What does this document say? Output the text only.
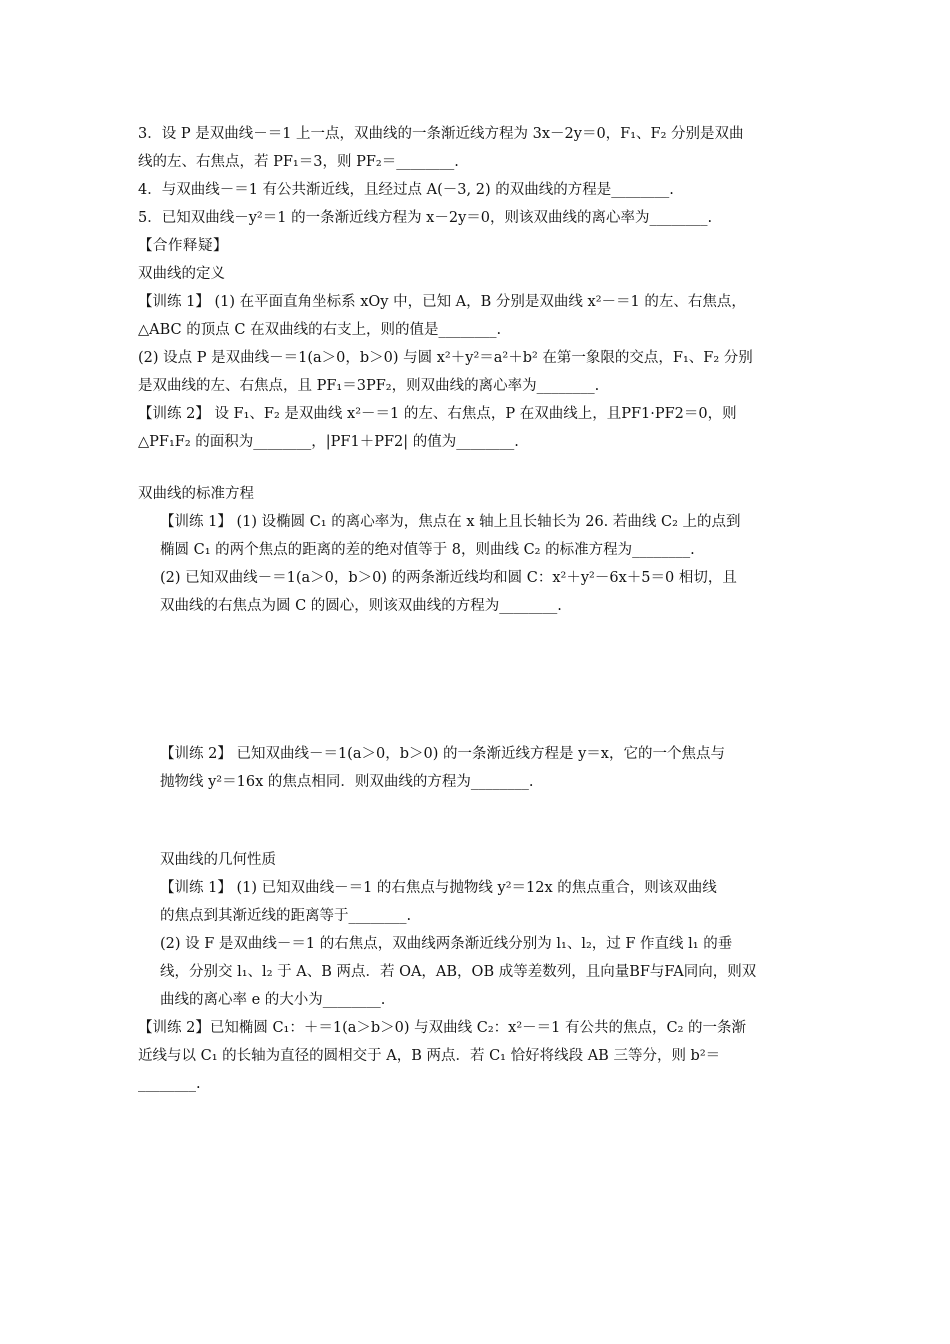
3．设 P 是双曲线－＝1 上一点，双曲线的一条渐近线方程为 3x－2y＝0，F₁、F₂ 分别是双曲
线的左、右焦点，若 PF₁＝3，则 PF₂＝________.
4．与双曲线－＝1 有公共渐近线，且经过点 A(－3, 2) 的双曲线的方程是________.
5．已知双曲线－y²＝1 的一条渐近线方程为 x－2y＝0，则该双曲线的离心率为________.
【合作释疑】
双曲线的定义
【训练 1】 (1) 在平面直角坐标系 xOy 中，已知 A，B 分别是双曲线 x²－＝1 的左、右焦点，
△ABC 的顶点 C 在双曲线的右支上，则的值是________.
(2) 设点 P 是双曲线－＝1(a＞0，b＞0) 与圆 x²＋y²＝a²＋b² 在第一象限的交点，F₁、F₂ 分别
是双曲线的左、右焦点，且 PF₁＝3PF₂，则双曲线的离心率为________.
【训练 2】 设 F₁、F₂ 是双曲线 x²－＝1 的左、右焦点，P 在双曲线上，且PF1·PF2＝0，则
△PF₁F₂ 的面积为________，|PF1＋PF2| 的值为________.
双曲线的标准方程
【训练 1】 (1) 设椭圆 C₁ 的离心率为，焦点在 x 轴上且长轴长为 26. 若曲线 C₂ 上的点到
椭圆 C₁ 的两个焦点的距离的差的绝对值等于 8，则曲线 C₂ 的标准方程为________.
(2) 已知双曲线－＝1(a＞0，b＞0) 的两条渐近线均和圆 C：x²＋y²－6x＋5＝0 相切，且
双曲线的右焦点为圆 C 的圆心，则该双曲线的方程为________.
【训练 2】 已知双曲线－＝1(a＞0，b＞0) 的一条渐近线方程是 y＝x，它的一个焦点与
抛物线 y²＝16x 的焦点相同．则双曲线的方程为________.
双曲线的几何性质
【训练 1】 (1) 已知双曲线－＝1 的右焦点与抛物线 y²＝12x 的焦点重合，则该双曲线
的焦点到其渐近线的距离等于________.
(2) 设 F 是双曲线－＝1 的右焦点，双曲线两条渐近线分别为 l₁、l₂，过 F 作直线 l₁ 的垂
线，分别交 l₁、l₂ 于 A、B 两点．若 OA，AB，OB 成等差数列，且向量BF与FA同向，则双
曲线的离心率 e 的大小为________.
【训练 2】已知椭圆 C₁：＋＝1(a＞b＞0) 与双曲线 C₂：x²－＝1 有公共的焦点，C₂ 的一条渐
近线与以 C₁ 的长轴为直径的圆相交于 A，B 两点．若 C₁ 恰好将线段 AB 三等分，则 b²＝
________.
